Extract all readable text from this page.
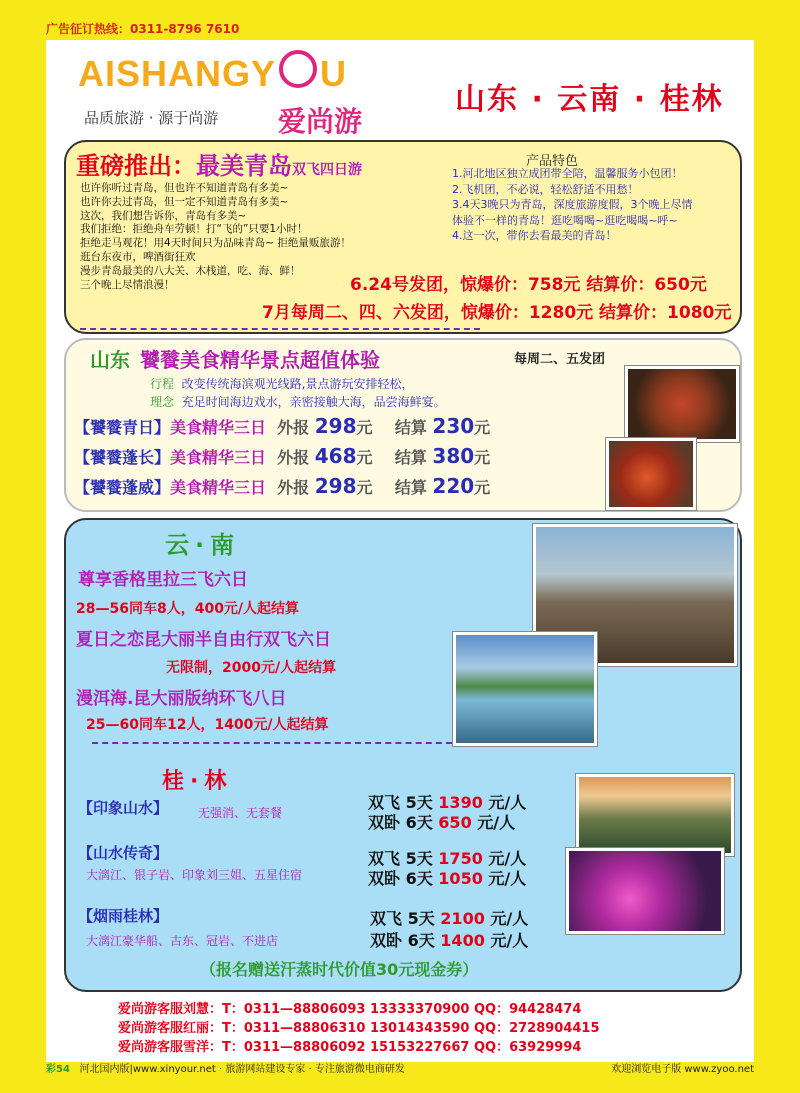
广告征订热线：0311-8796 7610
AISHANGY U
品质旅游 · 源于尚游 爱尚游
山东 · 云南 · 桂林
重磅推出：最美青岛双飞四日游
也许你听过青岛，但也许不知道青岛有多美~
也许你去过青岛，但一定不知道青岛有多美~
这次，我们想告诉你，青岛有多美~
我们拒绝：拒绝舟车劳顿！打“飞的”只要1小时！
拒绝走马观花！用4天时间只为品味青岛~ 拒绝量贩旅游！
逛台东夜市，啤酒街狂欢
漫步青岛最美的八大关、木栈道，吃、海、鲜！
三个晚上尽情浪漫！
产品特色
1.河北地区独立成团带全陪，温馨服务小包团！
2.飞机团，不必说，轻松舒适不用愁！
3.4天3晚只为青岛，深度旅游度假，3个晚上尽情
体验不一样的青岛！逛吃喝喝~逛吃喝喝~呼~
4.这一次，带你去看最美的青岛！
6.24号发团，惊爆价：758元 结算价：650元
7月每周二、四、六发团，惊爆价：1280元 结算价：1080元
山东 饕餮美食精华景点超值体验	每周二、五发团
行程 改变传统海滨观光线路,景点游玩安排轻松，
理念 充足时间海边戏水，亲密接触大海，品尝海鲜宴。
【饕餮青日】美食精华三日 外报 298元 结算 230元
【饕餮蓬长】美食精华三日 外报 468元 结算 380元
【饕餮蓬威】美食精华三日 外报 298元 结算 220元
云·南
尊享香格里拉三飞六日
28—56同车8人，400元/人起结算
夏日之恋昆大丽半自由行双飞六日
无限制，2000元/人起结算
漫洱海.昆大丽版纳环飞八日
25—60同车12人，1400元/人起结算
桂·林
【印象山水】 无强消、无套餐
双飞 5天 1390 元/人
双卧 6天 650 元/人
【山水传奇】
大漓江、银子岩、印象刘三姐、五星住宿
双飞 5天 1750 元/人
双卧 6天 1050 元/人
【烟雨桂林】
大漓江豪华船、古东、冠岩、不进店
双飞 5天 2100 元/人
双卧 6天 1400 元/人
（报名赠送汗蒸时代价值30元现金券）
爱尚游客服刘慧：T：0311—88806093 13333370900 QQ：94428474
爱尚游客服红丽：T：0311—88806310 13014343590 QQ：2728904415
爱尚游客服雪洋：T：0311—88806092 15153227667 QQ：63929994
彩54 河北国内版|www.xinyour.net · 旅游网站建设专家 · 专注旅游微电商研发	欢迎浏览电子版 www.zyoo.net
